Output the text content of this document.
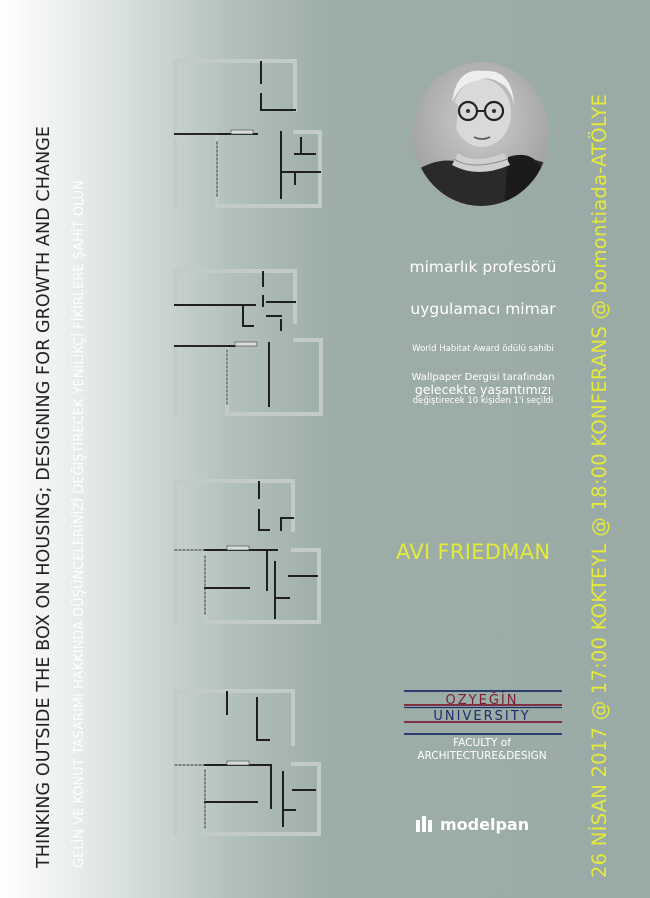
THINKING OUTSIDE THE BOX ON HOUSING; DESIGNING FOR GROWTH AND CHANGE GELİN VE KONUT TASARIMI HAKKINDA DÜŞÜNCELERİNİZİ DEĞİŞTİRECEK YENİLİKÇİ FİKİRLERE ŞAHİT OLUN	mimarlık profesörü
uygulamacı mimar
World Habitat Award ödülü sahibi
Wallpaper Dergisi tarafından
gelecekte yaşantımızı
değiştirecek 10 kişiden 1'i seçildi
AVI FRIEDMAN
OZYEĞİN
UNIVERSITY
FACULTY of
ARCHITECTURE&DESIGN
modelpan	26 NİSAN 2017 @ 17:00 KOKTEYL @ 18:00 KONFERANS @ bomontiada-ATÖLYE
